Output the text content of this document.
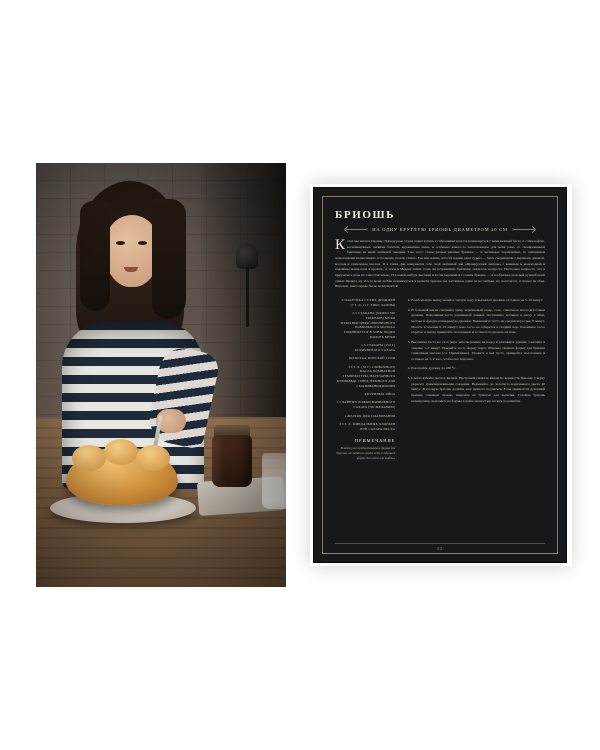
БРИОШЬ
НА ОДНУ КРУГЛУЮ БРИОШЬ ДИАМЕТРОМ 20 СМ
К огда мы жили в Париже, Пападу рано утром ходил купить с собраниями на ночь возвращаться с нами нежный багет, и с ним вафлю, воскликнувшее, легкими багетом, круживание нами, и особенно какого-то изготовленное для меня рано, со своевременной бриошью из моей любимой пекарни. Там тесто самое разные ржаные брюшке — и маленькое поражаемые, со смешанием шоколадками на маслянках, и большие, на всю семью. Так мне житие, кого их жданы одна судьба — быть съеденными с вареньем, джемом, маслом и сливочным маслом. Я в таких дни завершался себе свой любимый чай «Французский завтрак» с ванилью и шоколадкой и подавшие мамы-папа в кровать. А ноги в Медане найти столь же встраивание брюшное оказалось непросто. Настольно непросто, что я приучилась печь их самостоятельно. И в какой-нибудь высокий и встав первыми и готовим бриошь — я сообразнее молокой лучшей моей семьи. Правда, ну что-то моей любви возникнуться в кровати бриошь мы частичные едим не на завтрак, но полагается, и скорее на обед. Впрочем, никто вроде бы не возмущается!
0 ПАКЕТИКА СУХИХ ДРОЖЖЕЙ
(7 Г, Д. 11 Г ЛИБО ЛАМПЫ)
2,5 СТАКАНА (ОКОЛО 500 ГРАММОВ) МУКИ
МУКИ ВЫСШЕГО ПШЕНИЧНОГО ПОМОЛЬНОГО МОЛОКА ПОДНИМЕТСЯ В ЗОНЫ ПОДЕЛ МОЛОТЬ МУКИ
1,5 СТАКАНА (250 Г)
КОРИЧНЕВОГО САХАРА
ЩЕПОТКА МОРСКОЙ СОЛИ
3 СТ. Л. (50 Г) СЛИВОЧНОГО
МАСЛА КОМНАТНОЙ ТЕМПЕРАТУРЫ, НАРЕЗАННОГО КУБИКАМИ, ПЛЮС НЕМНОГО ДЛЯ СМАЗЫВАНИЯ ФОРМЫ
2 КУРИНЫХ ЯЙЦА
1,5 ЧАЙНЫХ ЛОЖКИ ВАНИЛЬНОГО САХАРА (ПО ЖЕЛАНИЮ)
1 ЖЕЛТОК ДЛЯ СМАЗЫВАНИЯ
2 СТ. Л. МИНДАЛЬНЫХ ХЛОПЬЕВ ИЛИ САХАРА-ПЕСКА
ПРИМЕЧАНИЕ
В моём уже предпочитаемое форма для бриоши, но любая из новом есть и обычной форме для кекса или кофты.
1. В небольшую миску налейте теплую воду и высыпьте дрожжи. Оставьте на 5–10 минут.
2. В большой миске смешайте муку, коричневый сахар, соль, сливочное масло и готовые дрожжи. Помешивая тесто деревянной ложкой, постепенно добавьте в массу 2 яйца, молоко и фундук-разведенную дрожжи. Вымешайте тесто на среднескоростью 8 минут. Месите в течение 8–10 минут; пока тесто не соберется в гладкий шар. Разомните тесто обратно в миску, прикройте полотенцем и оставьте подходить на ночь.
3. Выложите тесто на стол (круг используемым не надо) и разомните руками. Скатайте в течение 1–2 минут. Придайте тесту форму шара. Обильно смажьте форму для бриоши сливочным маслом (сл. Примечание). Уложите в неё тесто, прикройте полотенцем и оставьте на 1–2 часа, чтобы оно подошло.
4. Разогрейте духовку до 180 °C.
5. Слегка взбейте желток вилкой. Наступной смажьте яйцом по верхность бриоши. Сверху украсьте гримлированными сахарами. Выпекайте до золотисто-коричневого цвета 40 минут. В готовую бриошь должны ещё немного подняться. Если занимается духовный бриошь слишком сильно, накройте её бумагой для выпечки. Готовую бриошь переверните, выложите на формы и дайте полностью остыть до решетки.
33
